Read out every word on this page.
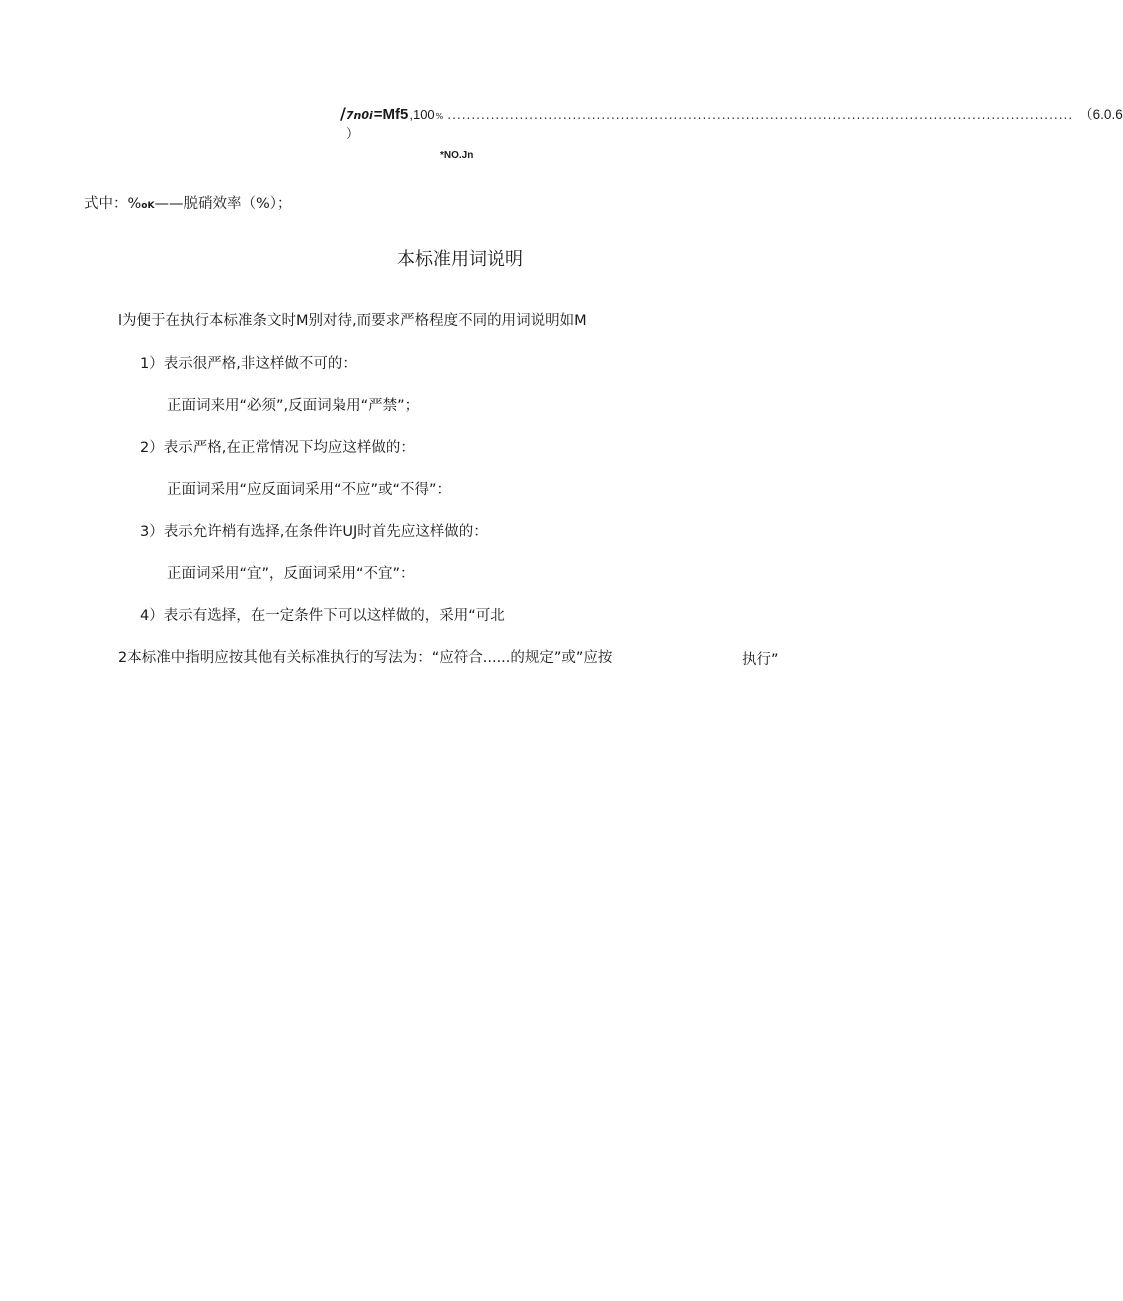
/ 7n0i =Mf5 ,100 % .................................................................................................................................. （6.0.6
）
*NO.Jn
式中：%oK——脱硝效率（%）；
本标准用词说明
l为便于在执行本标准条文时M别对待,而要求严格程度不同的用词说明如M
1）表示很严格,非这样做不可的：
正面词来用“必须”,反面词枭用“严禁”；
2）表示严格,在正常情况下均应这样做的：
正面词采用“应反面词采用“不应”或“不得”：
3）表示允许梢有选择,在条件许UJ时首先应这样做的：
正面词采用“宜”，反面词采用“不宜”：
4）表示有选择，在一定条件下可以这样做的，采用“可北
2本标准中指明应按其他有关标准执行的写法为：“应符合......的规定”或”应按	执行”
